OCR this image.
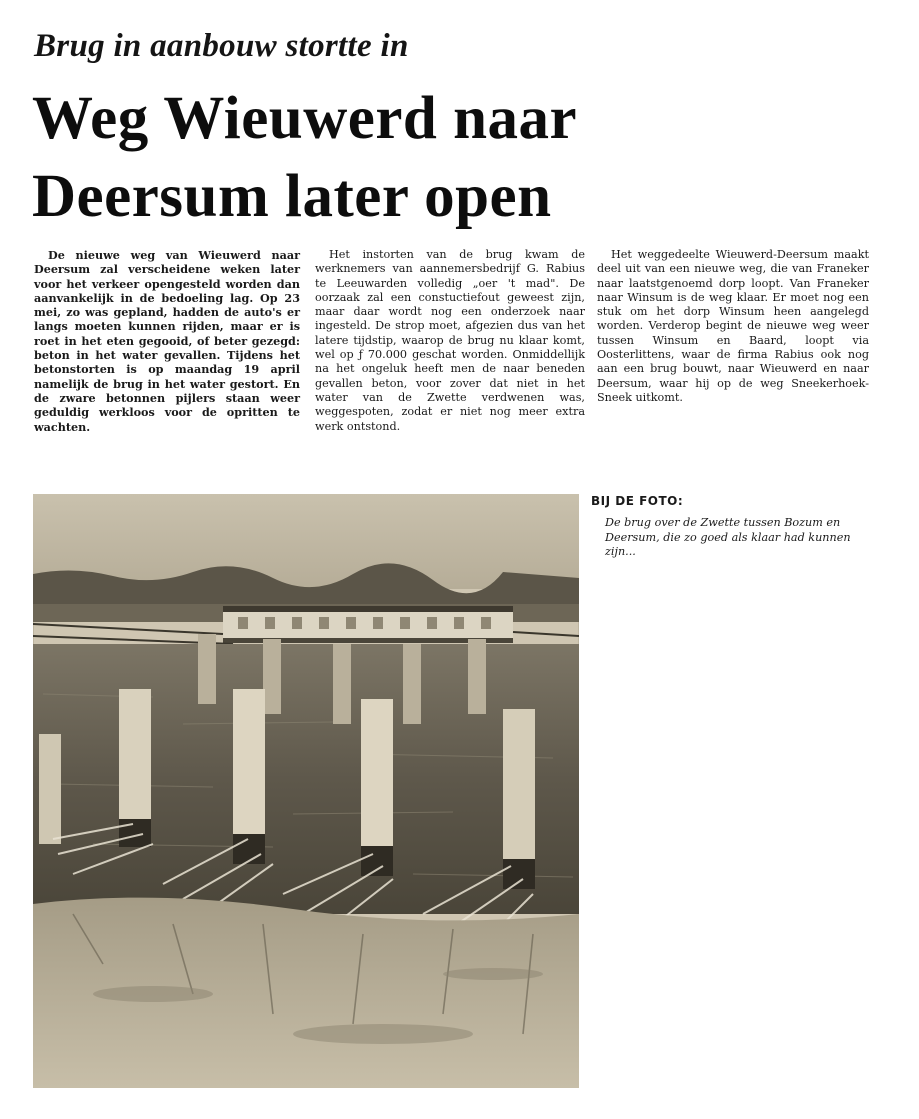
Brug in aanbouw stortte in
Weg Wieuwerd naar Deersum later open

De nieuwe weg van Wieuwerd naar Deersum zal verscheidene weken later voor het verkeer opengesteld worden dan aanvankelijk in de bedoeling lag. Op 23 mei, zo was gepland, hadden de auto's er langs moeten kunnen rijden, maar er is roet in het eten gegooid, of beter gezegd: beton in het water gevallen. Tijdens het betonstorten is op maandag 19 april namelijk de brug in het water gestort. En de zware betonnen pijlers staan weer geduldig werkloos voor de opritten te wachten.

Het instorten van de brug kwam de werknemers van aannemersbedrijf G. Rabius te Leeuwarden volledig „oer 't mad". De oorzaak zal een constuctiefout geweest zijn, maar daar wordt nog een onderzoek naar ingesteld. De strop moet, afgezien dus van het latere tijdstip, waarop de brug nu klaar komt, wel op ƒ 70.000 geschat worden. Onmiddellijk na het ongeluk heeft men de naar beneden gevallen beton, voor zover dat niet in het water van de Zwette verdwenen was, weggespoten, zodat er niet nog meer extra werk ontstond.

Het weggedeelte Wieuwerd-Deersum maakt deel uit van een nieuwe weg, die van Franeker naar laatstgenoemd dorp loopt. Van Franeker naar Winsum is de weg klaar. Er moet nog een stuk om het dorp Winsum heen aangelegd worden. Verderop begint de nieuwe weg weer tussen Winsum en Baard, loopt via Oosterlittens, waar de firma Rabius ook nog aan een brug bouwt, naar Wieuwerd en naar Deersum, waar hij op de weg Sneekerhoek-Sneek uitkomt.

BIJ DE FOTO:
De brug over de Zwette tussen Bozum en Deersum, die zo goed als klaar had kunnen zijn...
